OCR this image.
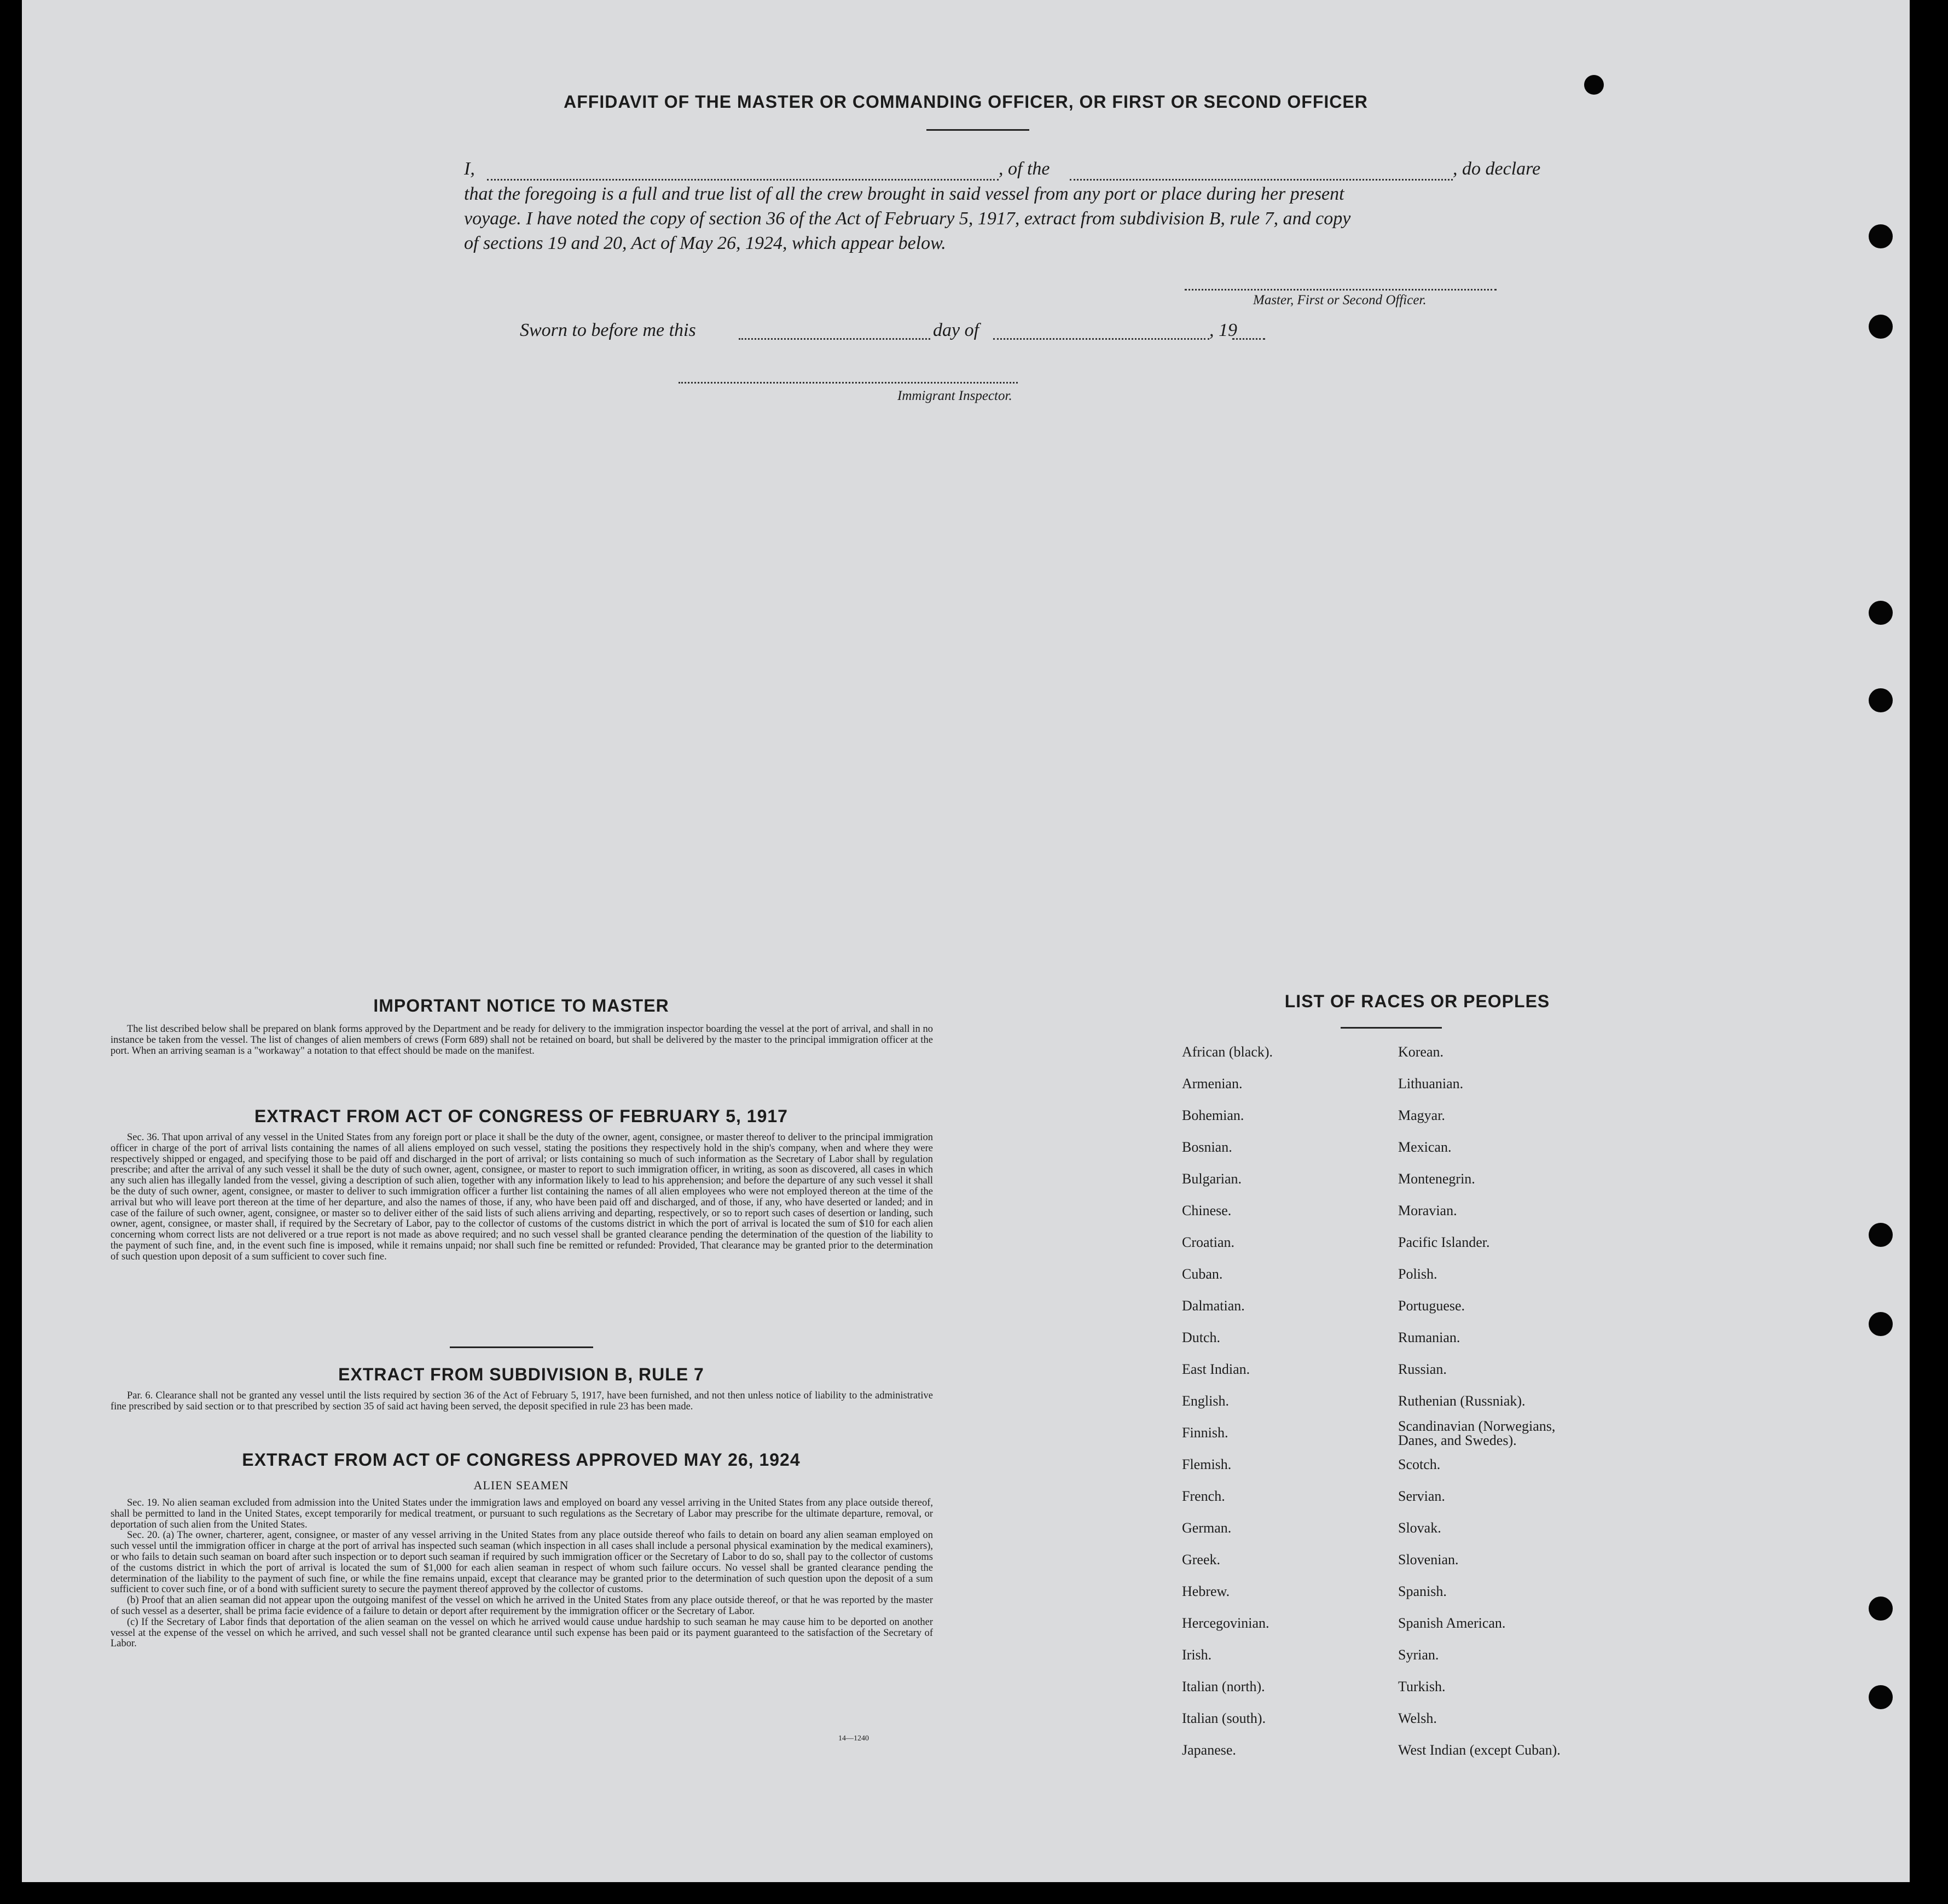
AFFIDAVIT OF THE MASTER OR COMMANDING OFFICER, OR FIRST OR SECOND OFFICER
I,	, of the	, do declare
that the foregoing is a full and true list of all the crew brought in said vessel from any port or place during her present
voyage. I have noted the copy of section 36 of the Act of February 5, 1917, extract from subdivision B, rule 7, and copy
of sections 19 and 20, Act of May 26, 1924, which appear below.
Master, First or Second Officer.
Sworn to before me this	day of	, 19
Immigrant Inspector.
IMPORTANT NOTICE TO MASTER

The list described below shall be prepared on blank forms approved by the Department and be ready for delivery to the immigration inspector boarding the vessel at the port of arrival, and shall in no instance be taken from the vessel. The list of changes of alien members of crews (Form 689) shall not be retained on board, but shall be delivered by the master to the principal immigration officer at the port. When an arriving seaman is a "workaway" a notation to that effect should be made on the manifest.

EXTRACT FROM ACT OF CONGRESS OF FEBRUARY 5, 1917

Sec. 36. That upon arrival of any vessel in the United States from any foreign port or place it shall be the duty of the owner, agent, consignee, or master thereof to deliver to the principal immigration officer in charge of the port of arrival lists containing the names of all aliens employed on such vessel, stating the positions they respectively hold in the ship's company, when and where they were respectively shipped or engaged, and specifying those to be paid off and discharged in the port of arrival; or lists containing so much of such information as the Secretary of Labor shall by regulation prescribe; and after the arrival of any such vessel it shall be the duty of such owner, agent, consignee, or master to report to such immigration officer, in writing, as soon as discovered, all cases in which any such alien has illegally landed from the vessel, giving a description of such alien, together with any information likely to lead to his apprehension; and before the departure of any such vessel it shall be the duty of such owner, agent, consignee, or master to deliver to such immigration officer a further list containing the names of all alien employees who were not employed thereon at the time of the arrival but who will leave port thereon at the time of her departure, and also the names of those, if any, who have been paid off and discharged, and of those, if any, who have deserted or landed; and in case of the failure of such owner, agent, consignee, or master so to deliver either of the said lists of such aliens arriving and departing, respectively, or so to report such cases of desertion or landing, such owner, agent, consignee, or master shall, if required by the Secretary of Labor, pay to the collector of customs of the customs district in which the port of arrival is located the sum of $10 for each alien concerning whom correct lists are not delivered or a true report is not made as above required; and no such vessel shall be granted clearance pending the determination of the question of the liability to the payment of such fine, and, in the event such fine is imposed, while it remains unpaid; nor shall such fine be remitted or refunded: Provided, That clearance may be granted prior to the determination of such question upon deposit of a sum sufficient to cover such fine.

EXTRACT FROM SUBDIVISION B, RULE 7

Par. 6. Clearance shall not be granted any vessel until the lists required by section 36 of the Act of February 5, 1917, have been furnished, and not then unless notice of liability to the administrative fine prescribed by said section or to that prescribed by section 35 of said act having been served, the deposit specified in rule 23 has been made.

EXTRACT FROM ACT OF CONGRESS APPROVED MAY 26, 1924
ALIEN SEAMEN

Sec. 19. No alien seaman excluded from admission into the United States under the immigration laws and employed on board any vessel arriving in the United States from any place outside thereof, shall be permitted to land in the United States, except temporarily for medical treatment, or pursuant to such regulations as the Secretary of Labor may prescribe for the ultimate departure, removal, or deportation of such alien from the United States.

Sec. 20. (a) The owner, charterer, agent, consignee, or master of any vessel arriving in the United States from any place outside thereof who fails to detain on board any alien seaman employed on such vessel until the immigration officer in charge at the port of arrival has inspected such seaman (which inspection in all cases shall include a personal physical examination by the medical examiners), or who fails to detain such seaman on board after such inspection or to deport such seaman if required by such immigration officer or the Secretary of Labor to do so, shall pay to the collector of customs of the customs district in which the port of arrival is located the sum of $1,000 for each alien seaman in respect of whom such failure occurs. No vessel shall be granted clearance pending the determination of the liability to the payment of such fine, or while the fine remains unpaid, except that clearance may be granted prior to the determination of such question upon the deposit of a sum sufficient to cover such fine, or of a bond with sufficient surety to secure the payment thereof approved by the collector of customs.

(b) Proof that an alien seaman did not appear upon the outgoing manifest of the vessel on which he arrived in the United States from any place outside thereof, or that he was reported by the master of such vessel as a deserter, shall be prima facie evidence of a failure to detain or deport after requirement by the immigration officer or the Secretary of Labor.

(c) If the Secretary of Labor finds that deportation of the alien seaman on the vessel on which he arrived would cause undue hardship to such seaman he may cause him to be deported on another vessel at the expense of the vessel on which he arrived, and such vessel shall not be granted clearance until such expense has been paid or its payment guaranteed to the satisfaction of the Secretary of Labor.

14—1240
LIST OF RACES OR PEOPLES
African (black).
Armenian.
Bohemian.
Bosnian.
Bulgarian.
Chinese.
Croatian.
Cuban.
Dalmatian.
Dutch.
East Indian.
English.
Finnish.
Flemish.
French.
German.
Greek.
Hebrew.
Hercegovinian.
Irish.
Italian (north).
Italian (south).
Japanese.
Korean.
Lithuanian.
Magyar.
Mexican.
Montenegrin.
Moravian.
Pacific Islander.
Polish.
Portuguese.
Rumanian.
Russian.
Ruthenian (Russniak).
Scandinavian (Norwegians, Danes, and Swedes).
Scotch.
Servian.
Slovak.
Slovenian.
Spanish.
Spanish American.
Syrian.
Turkish.
Welsh.
West Indian (except Cuban).
